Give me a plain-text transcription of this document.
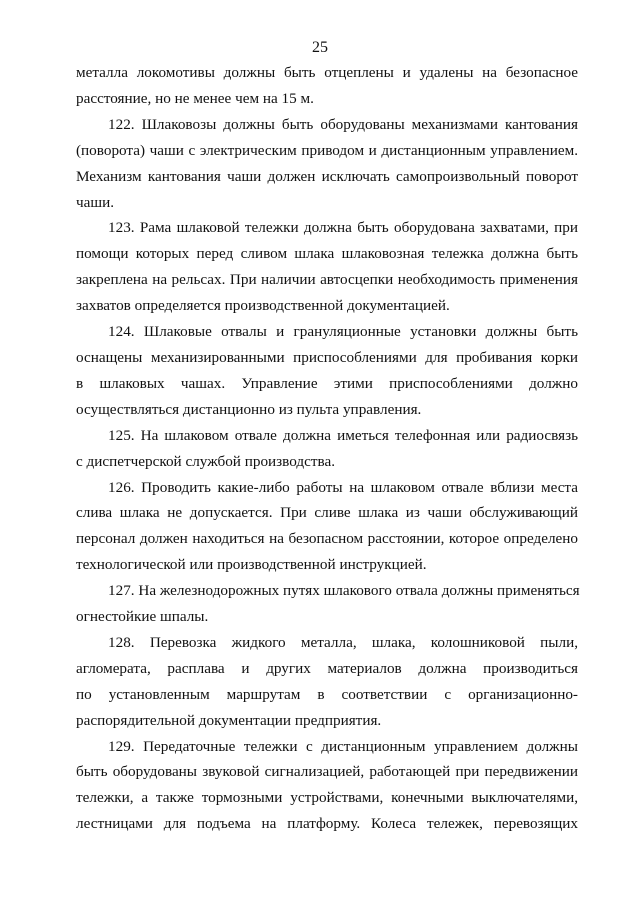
25
металла локомотивы должны быть отцеплены и удалены на безопасное
расстояние, но не менее чем на 15 м.
122. Шлаковозы должны быть оборудованы механизмами кантования
(поворота) чаши с электрическим приводом и дистанционным управлением.
Механизм кантования чаши должен исключать самопроизвольный поворот
чаши.
123. Рама шлаковой тележки должна быть оборудована захватами, при
помощи которых перед сливом шлака шлаковозная тележка должна быть
закреплена на рельсах. При наличии автосцепки необходимость применения
захватов определяется производственной документацией.
124. Шлаковые отвалы и грануляционные установки должны быть
оснащены механизированными приспособлениями для пробивания корки
в шлаковых чашах. Управление этими приспособлениями должно
осуществляться дистанционно из пульта управления.
125. На шлаковом отвале должна иметься телефонная или радиосвязь
с диспетчерской службой производства.
126. Проводить какие-либо работы на шлаковом отвале вблизи места
слива шлака не допускается. При сливе шлака из чаши обслуживающий
персонал должен находиться на безопасном расстоянии, которое определено
технологической или производственной инструкцией.
127. На железнодорожных путях шлакового отвала должны применяться
огнестойкие шпалы.
128. Перевозка жидкого металла, шлака, колошниковой пыли,
агломерата, расплава и других материалов должна производиться
по установленным маршрутам в соответствии с организационно-
распорядительной документации предприятия.
129. Передаточные тележки с дистанционным управлением должны
быть оборудованы звуковой сигнализацией, работающей при передвижении
тележки, а также тормозными устройствами, конечными выключателями,
лестницами для подъема на платформу. Колеса тележек, перевозящих
